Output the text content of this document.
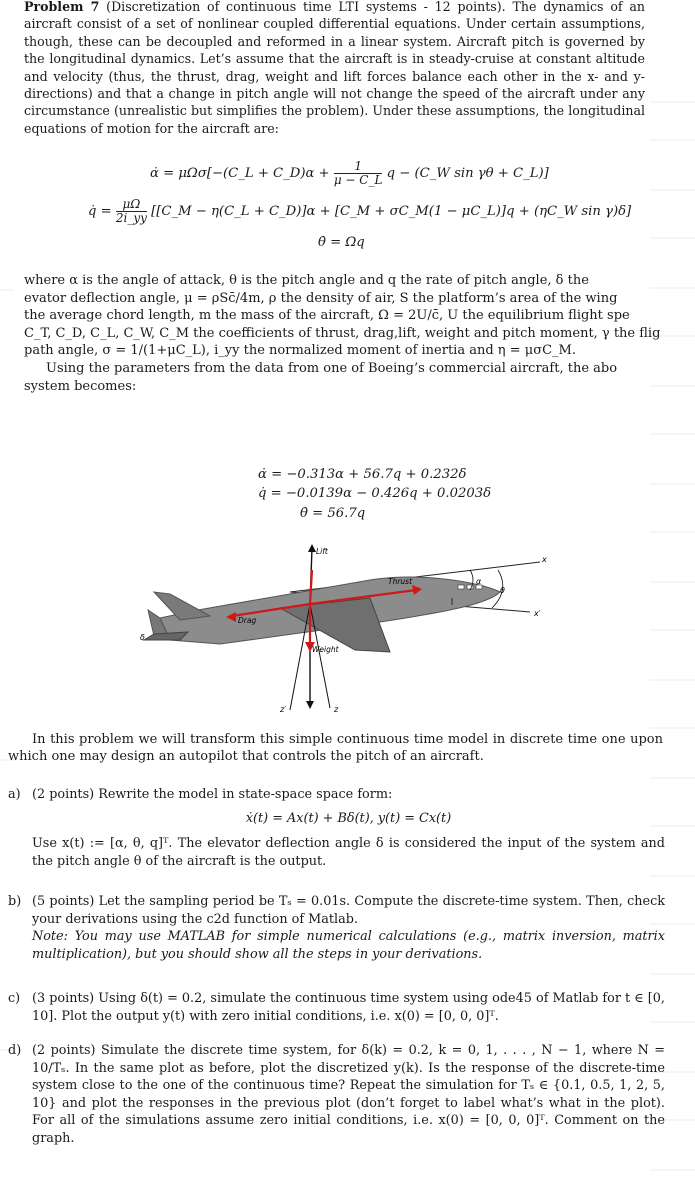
Problem 7 (Discretization of continuous time LTI systems - 12 points). The dynamics of an aircraft consist of a set of nonlinear coupled differential equations. Under certain assumptions, though, these can be decoupled and reformed in a linear system. Aircraft pitch is governed by the longitudinal dynamics. Let’s assume that the aircraft is in steady-cruise at constant altitude and velocity (thus, the thrust, drag, weight and lift forces balance each other in the x- and y-directions) and that a change in pitch angle will not change the speed of the aircraft under any circumstance (unrealistic but simplifies the problem). Under these assumptions, the longitudinal equations of motion for the aircraft are:

α̇ = μΩσ[−(C_L + C_D)α + $\frac{1}{\mu - C\_L}$ q − (C_W sin γθ + C_L)]
q̇ = $\frac{\mu\Omega}{2i\_yy}$ [[C_M − η(C_L + C_D)]α + [C_M + σC_M(1 − μC_L)]q + (ηC_W sin γ)δ]
θ̇ = Ωq
where α is the angle of attack, θ is the pitch angle and q the rate of pitch angle, δ the
evator deflection angle, μ = ρSc̄/4m, ρ the density of air, S the platform’s area of the wing
the average chord length, m the mass of the aircraft, Ω = 2U/c̄, U the equilibrium flight spe
C_T, C_D, C_L, C_W, C_M the coefficients of thrust, drag,lift, weight and pitch moment, γ the flig
path angle, σ = 1/(1+μC_L), i_yy the normalized moment of inertia and η = μσC_M.
Using the parameters from the data from one of Boeing’s commercial aircraft, the abo
system becomes:
α̇ = −0.313α + 56.7q + 0.232δ
q̇ = −0.0139α − 0.426q + 0.0203δ
θ̇ = 56.7q
Lift
Thrust
Drag
Weight
α
θ
x
x′
z
z′
δ

In this problem we will transform this simple continuous time model in discrete time one upon which one may design an autopilot that controls the pitch of an aircraft.

a) (2 points) Rewrite the model in state-space space form:
ẋ(t) = Ax(t) + Bδ(t), y(t) = Cx(t)
Use x(t) := [α, θ, q]ᵀ. The elevator deflection angle δ is considered the input of the system and the pitch angle θ of the aircraft is the output.
b) (5 points) Let the sampling period be Tₛ = 0.01s. Compute the discrete-time system. Then, check your derivations using the c2d function of Matlab.
Note: You may use MATLAB for simple numerical calculations (e.g., matrix inversion, matrix multiplication), but you should show all the steps in your derivations.
c) (3 points) Using δ(t) = 0.2, simulate the continuous time system using ode45 of Matlab for t ∈ [0, 10]. Plot the output y(t) with zero initial conditions, i.e. x(0) = [0, 0, 0]ᵀ.
d) (2 points) Simulate the discrete time system, for δ(k) = 0.2, k = 0, 1, . . . , N − 1, where N = 10/Tₛ. In the same plot as before, plot the discretized y(k). Is the response of the discrete-time system close to the one of the continuous time? Repeat the simulation for Tₛ ∈ {0.1, 0.5, 1, 2, 5, 10} and plot the responses in the previous plot (don’t forget to label what’s what in the plot). For all of the simulations assume zero initial conditions, i.e. x(0) = [0, 0, 0]ᵀ. Comment on the graph.
